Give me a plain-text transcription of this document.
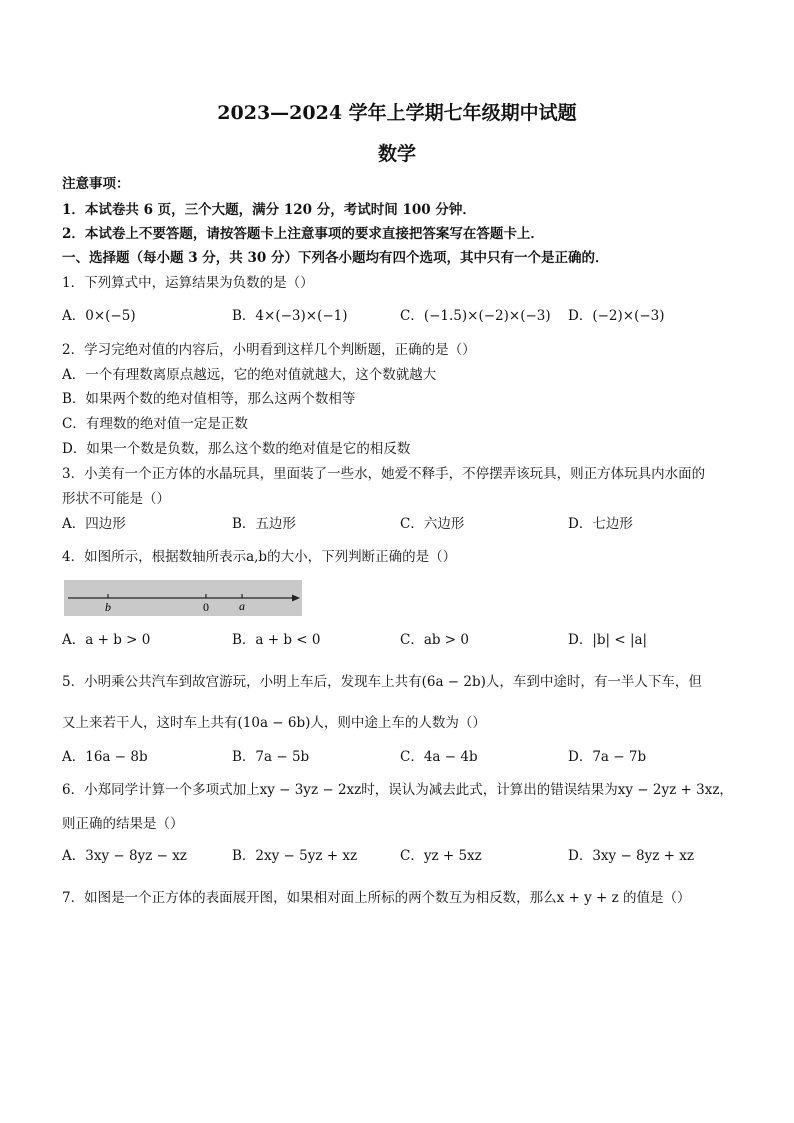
2023—2024 学年上学期七年级期中试题
数学
注意事项：
1．本试卷共 6 页，三个大题，满分 120 分，考试时间 100 分钟．
2．本试卷上不要答题，请按答题卡上注意事项的要求直接把答案写在答题卡上．
一、选择题（每小题 3 分，共 30 分）下列各小题均有四个选项，其中只有一个是正确的．
1．下列算式中，运算结果为负数的是（）
A．0×(−5)	B．4×(−3)×(−1)	C．(−1.5)×(−2)×(−3) D．(−2)×(−3)
2．学习完绝对值的内容后，小明看到这样几个判断题，正确的是（）
A．一个有理数离原点越远，它的绝对值就越大，这个数就越大
B．如果两个数的绝对值相等，那么这两个数相等
C．有理数的绝对值一定是正数
D．如果一个数是负数，那么这个数的绝对值是它的相反数
3．小美有一个正方体的水晶玩具，里面装了一些水，她爱不释手，不停摆弄该玩具，则正方体玩具内水面的
形状不可能是（）
A．四边形	B．五边形	C．六边形	D．七边形
4．如图所示，根据数轴所表示a,b的大小，下列判断正确的是（）
b	0	a
A．a + b > 0	B．a + b < 0	C．ab > 0	D．|b| < |a|
5．小明乘公共汽车到故宫游玩，小明上车后，发现车上共有(6a − 2b)人，车到中途时，有一半人下车，但
又上来若干人，这时车上共有(10a − 6b)人，则中途上车的人数为（）
A．16a − 8b	B．7a − 5b	C．4a − 4b	D．7a − 7b
6．小郑同学计算一个多项式加上xy − 3yz − 2xz时，误认为减去此式，计算出的错误结果为xy − 2yz + 3xz，
则正确的结果是（）
A．3xy − 8yz − xz	B．2xy − 5yz + xz	C．yz + 5xz	D．3xy − 8yz + xz
7．如图是一个正方体的表面展开图，如果相对面上所标的两个数互为相反数，那么x + y + z 的值是（）
